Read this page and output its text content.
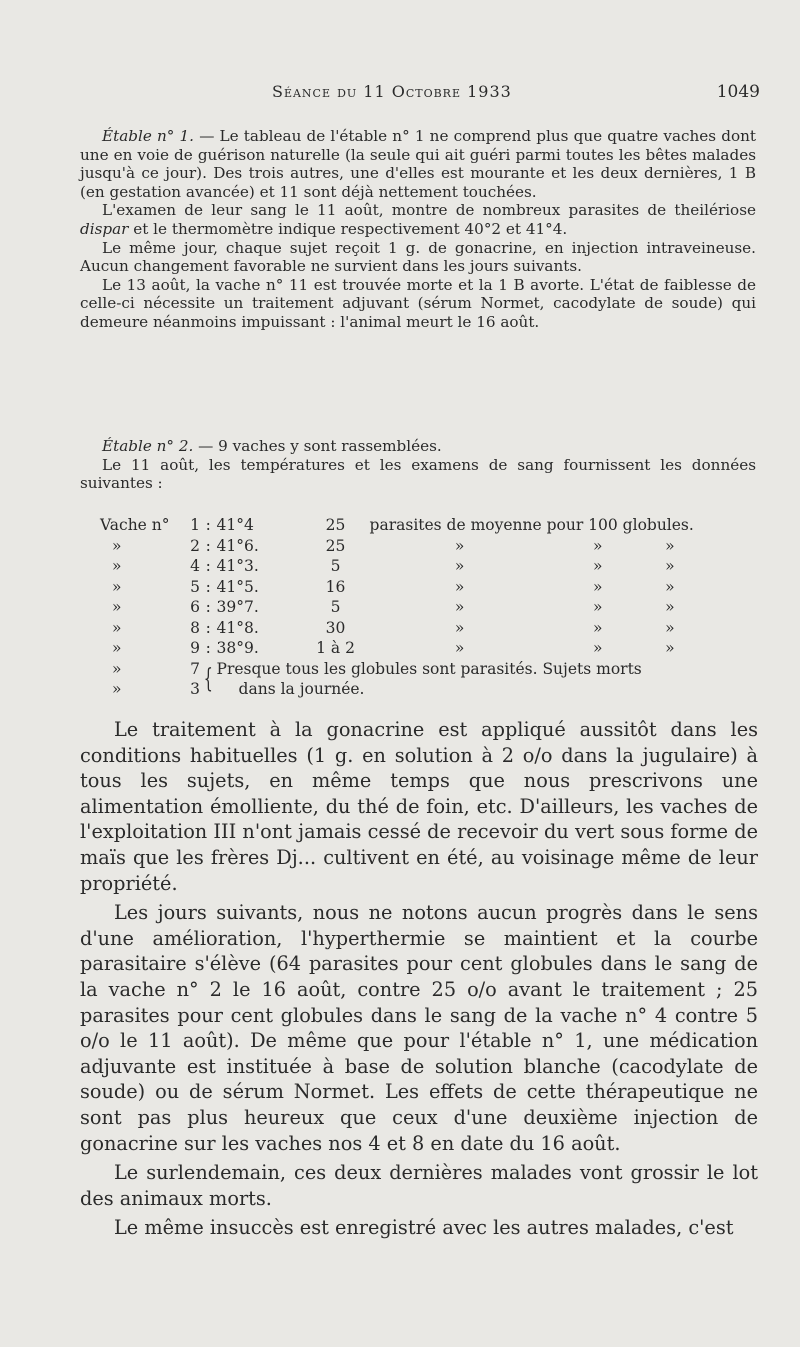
Séance du 11 Octobre 1933	1049

Étable n° 1. — Le tableau de l'étable n° 1 ne comprend plus que quatre vaches dont une en voie de guérison naturelle (la seule qui ait guéri parmi toutes les bêtes malades jusqu'à ce jour). Des trois autres, une d'elles est mourante et les deux dernières, 1 B (en gestation avancée) et 11 sont déjà nettement touchées.

L'examen de leur sang le 11 août, montre de nombreux parasites de theilériose dispar et le thermomètre indique respectivement 40°2 et 41°4.

Le même jour, chaque sujet reçoit 1 g. de gonacrine, en injection intraveineuse. Aucun changement favorable ne survient dans les jours suivants.

Le 13 août, la vache n° 11 est trouvée morte et la 1 B avorte. L'état de faiblesse de celle-ci nécessite un traitement adjuvant (sérum Normet, cacodylate de soude) qui demeure néanmoins impuissant : l'animal meurt le 16 août.

Étable n° 2. — 9 vaches y sont rassemblées.

Le 11 août, les températures et les examens de sang fournissent les données suivantes :

Vache n°	1	:	41°4	25	parasites de moyenne pour 100 globules.		
»	2	:	41°6.	25	»	»	»
»	4	:	41°3.	5	»	»	»
»	5	:	41°5.	16	»	»	»
»	6	:	39°7.	5	»	»	»
»	8	:	41°8.	30	»	»	»
»	9	:	38°9.	1 à 2	»	»	»
»	7	{	Presque tous les globules sont parasités. Sujets morts				
»	3		dans la journée.				

Le traitement à la gonacrine est appliqué aussitôt dans les conditions habituelles (1 g. en solution à 2 o/o dans la jugulaire) à tous les sujets, en même temps que nous prescrivons une alimentation émolliente, du thé de foin, etc. D'ailleurs, les vaches de l'exploitation III n'ont jamais cessé de recevoir du vert sous forme de maïs que les frères Dj... cultivent en été, au voisinage même de leur propriété.

Les jours suivants, nous ne notons aucun progrès dans le sens d'une amélioration, l'hyperthermie se maintient et la courbe parasitaire s'élève (64 parasites pour cent globules dans le sang de la vache n° 2 le 16 août, contre 25 o/o avant le traitement ; 25 parasites pour cent globules dans le sang de la vache n° 4 contre 5 o/o le 11 août). De même que pour l'étable n° 1, une médication adjuvante est instituée à base de solution blanche (cacodylate de soude) ou de sérum Normet. Les effets de cette thérapeutique ne sont pas plus heureux que ceux d'une deuxième injection de gonacrine sur les vaches nos 4 et 8 en date du 16 août.

Le surlendemain, ces deux dernières malades vont grossir le lot des animaux morts.

Le même insuccès est enregistré avec les autres malades, c'est
